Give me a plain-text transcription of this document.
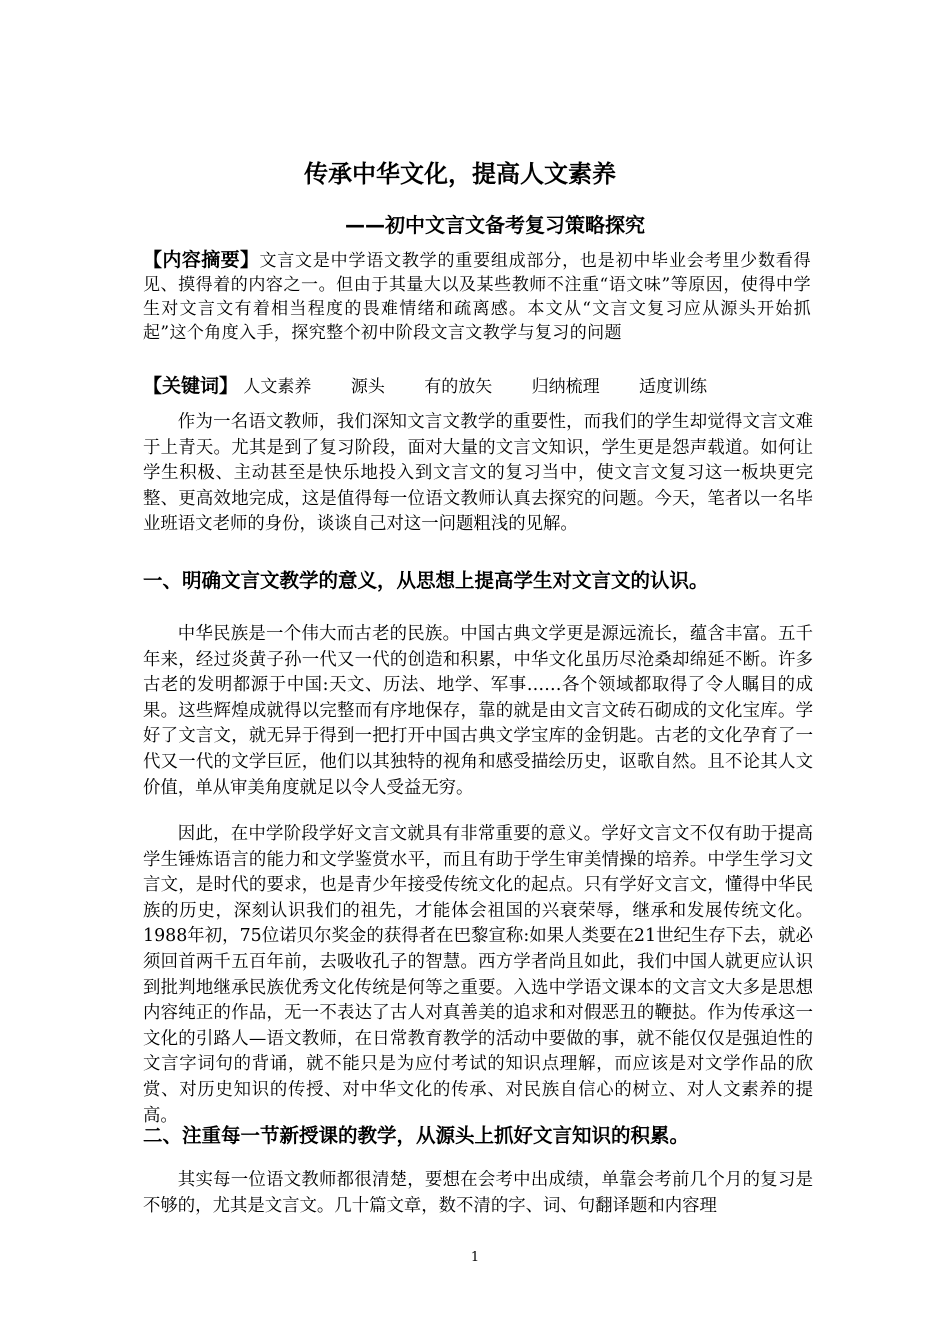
传承中华文化，提高人文素养
——初中文言文备考复习策略探究
【内容摘要】文言文是中学语文教学的重要组成部分，也是初中毕业会考里少数看得见、摸得着的内容之一。但由于其量大以及某些教师不注重“语文味”等原因，使得中学生对文言文有着相当程度的畏难情绪和疏离感。本文从“文言文复习应从源头开始抓起”这个角度入手，探究整个初中阶段文言文教学与复习的问题
【关键词】 人文素养 源头 有的放矢 归纳梳理 适度训练

作为一名语文教师，我们深知文言文教学的重要性，而我们的学生却觉得文言文难于上青天。尤其是到了复习阶段，面对大量的文言文知识，学生更是怨声载道。如何让学生积极、主动甚至是快乐地投入到文言文的复习当中，使文言文复习这一板块更完整、更高效地完成，这是值得每一位语文教师认真去探究的问题。今天，笔者以一名毕业班语文老师的身份，谈谈自己对这一问题粗浅的见解。

一、明确文言文教学的意义，从思想上提高学生对文言文的认识。

中华民族是一个伟大而古老的民族。中国古典文学更是源远流长，蕴含丰富。五千年来，经过炎黄子孙一代又一代的创造和积累，中华文化虽历尽沧桑却绵延不断。许多古老的发明都源于中国:天文、历法、地学、军事……各个领域都取得了令人瞩目的成果。这些辉煌成就得以完整而有序地保存，靠的就是由文言文砖石砌成的文化宝库。学好了文言文，就无异于得到一把打开中国古典文学宝库的金钥匙。古老的文化孕育了一代又一代的文学巨匠，他们以其独特的视角和感受描绘历史，讴歌自然。且不论其人文价值，单从审美角度就足以令人受益无穷。

因此，在中学阶段学好文言文就具有非常重要的意义。学好文言文不仅有助于提高学生锤炼语言的能力和文学鉴赏水平，而且有助于学生审美情操的培养。中学生学习文言文，是时代的要求，也是青少年接受传统文化的起点。只有学好文言文，懂得中华民族的历史，深刻认识我们的祖先，才能体会祖国的兴衰荣辱，继承和发展传统文化。1988年初，75位诺贝尔奖金的获得者在巴黎宣称:如果人类要在21世纪生存下去，就必须回首两千五百年前，去吸收孔子的智慧。西方学者尚且如此，我们中国人就更应认识到批判地继承民族优秀文化传统是何等之重要。入选中学语文课本的文言文大多是思想内容纯正的作品，无一不表达了古人对真善美的追求和对假恶丑的鞭挞。作为传承这一文化的引路人—语文教师，在日常教育教学的活动中要做的事，就不能仅仅是强迫性的文言字词句的背诵，就不能只是为应付考试的知识点理解，而应该是对文学作品的欣赏、对历史知识的传授、对中华文化的传承、对民族自信心的树立、对人文素养的提高。

二、注重每一节新授课的教学，从源头上抓好文言知识的积累。

其实每一位语文教师都很清楚，要想在会考中出成绩，单靠会考前几个月的复习是不够的，尤其是文言文。几十篇文章，数不清的字、词、句翻译题和内容理

1
